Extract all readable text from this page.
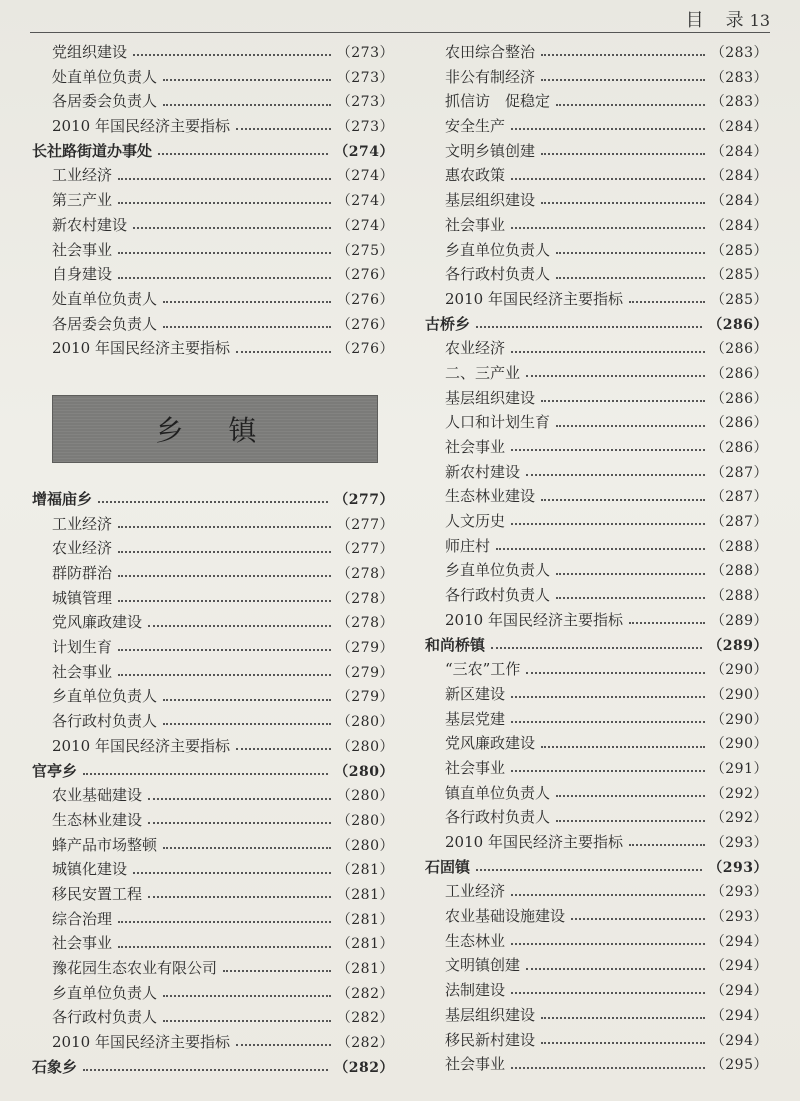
目　录 13
党组织建设	（273）
处直单位负责人	（273）
各居委会负责人	（273）
2010 年国民经济主要指标	（273）
长社路街道办事处	（274）
工业经济	（274）
第三产业	（274）
新农村建设	（274）
社会事业	（275）
自身建设	（276）
处直单位负责人	（276）
各居委会负责人	（276）
2010 年国民经济主要指标	（276）
乡 镇
增福庙乡	（277）
工业经济	（277）
农业经济	（277）
群防群治	（278）
城镇管理	（278）
党风廉政建设	（278）
计划生育	（279）
社会事业	（279）
乡直单位负责人	（279）
各行政村负责人	（280）
2010 年国民经济主要指标	（280）
官亭乡	（280）
农业基础建设	（280）
生态林业建设	（280）
蜂产品市场整顿	（280）
城镇化建设	（281）
移民安置工程	（281）
综合治理	（281）
社会事业	（281）
豫花园生态农业有限公司	（281）
乡直单位负责人	（282）
各行政村负责人	（282）
2010 年国民经济主要指标	（282）
石象乡	（282）
农田综合整治	（283）
非公有制经济	（283）
抓信访　促稳定	（283）
安全生产	（284）
文明乡镇创建	（284）
惠农政策	（284）
基层组织建设	（284）
社会事业	（284）
乡直单位负责人	（285）
各行政村负责人	（285）
2010 年国民经济主要指标	（285）
古桥乡	（286）
农业经济	（286）
二、三产业	（286）
基层组织建设	（286）
人口和计划生育	（286）
社会事业	（286）
新农村建设	（287）
生态林业建设	（287）
人文历史	（287）
师庄村	（288）
乡直单位负责人	（288）
各行政村负责人	（288）
2010 年国民经济主要指标	（289）
和尚桥镇	（289）
“三农”工作	（290）
新区建设	（290）
基层党建	（290）
党风廉政建设	（290）
社会事业	（291）
镇直单位负责人	（292）
各行政村负责人	（292）
2010 年国民经济主要指标	（293）
石固镇	（293）
工业经济	（293）
农业基础设施建设	（293）
生态林业	（294）
文明镇创建	（294）
法制建设	（294）
基层组织建设	（294）
移民新村建设	（294）
社会事业	（295）
